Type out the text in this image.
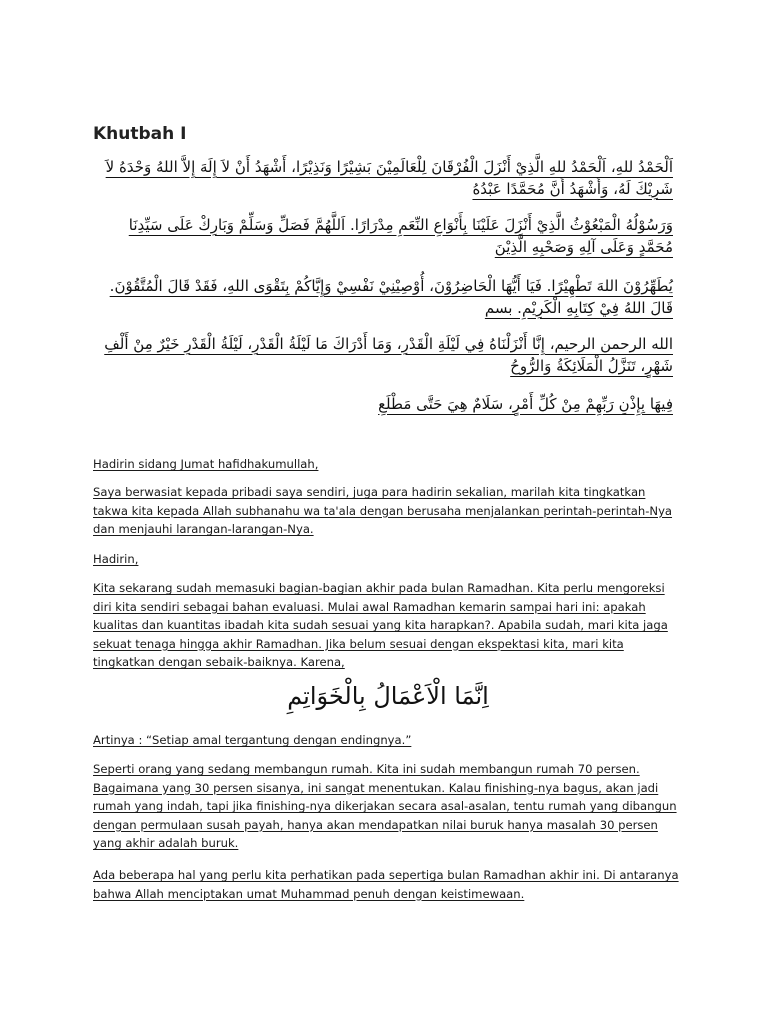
Khutbah I

اَلْحَمْدُ للهِ، اَلْحَمْدُ للهِ الَّذِيْ أَنْزَلَ الْفُرْقَانَ لِلْعَالَمِيْنَ بَشِيْرًا وَنَذِيْرًا، أَشْهَدُ أَنْ لاَ إِلَهَ إِلاَّ اللهُ وَحْدَهُ لاَ شَرِيْكَ لَهُ، وَأَشْهَدُ أَنَّ مُحَمَّدًا عَبْدُهُ

وَرَسُوْلُهُ الْمَبْعُوْثُ الَّذِيْ أَنْزَلَ عَلَيْنَا بِأَنْوَاعِ النِّعَمِ مِدْرَارًا. اَللَّهُمَّ فَصَلِّ وَسَلِّمْ وَبَارِكْ عَلَى سَيِّدِنَا مُحَمَّدٍ وَعَلَى آلِهِ وَصَحْبِهِ الَّذِيْنَ

يُطَهِّرُوْنَ اللهَ تَطْهِيْرًا. فَيَا أَيُّهَا الْحَاضِرُوْنَ، أُوْصِيْنِيْ نَفْسِيْ وَإِيَّاكُمْ بِتَقْوَى اللهِ، فَقَدْ قَالَ الْمُتَّقُوْنَ. قَالَ اللهُ فِيْ كِتَابِهِ الْكَرِيْمِ. بسم

الله الرحمن الرحيم، إِنَّا أَنْزَلْنَاهُ فِي لَيْلَةِ الْقَدْرِ، وَمَا أَدْرَاكَ مَا لَيْلَةُ الْقَدْرِ، لَيْلَةُ الْقَدْرِ خَيْرٌ مِنْ أَلْفِ شَهْرٍ، تَنَزَّلُ الْمَلَائِكَةُ وَالرُّوحُ

فِيهَا بِإِذْنِ رَبِّهِمْ مِنْ كُلِّ أَمْرٍ، سَلَامٌ هِيَ حَتَّى مَطْلَعِ

Hadirin sidang Jumat hafidhakumullah,

Saya berwasiat kepada pribadi saya sendiri, juga para hadirin sekalian, marilah kita tingkatkan takwa kita kepada Allah subhanahu wa ta'ala dengan berusaha menjalankan perintah-perintah-Nya dan menjauhi larangan-larangan-Nya.

Hadirin,

Kita sekarang sudah memasuki bagian-bagian akhir pada bulan Ramadhan. Kita perlu mengoreksi diri kita sendiri sebagai bahan evaluasi. Mulai awal Ramadhan kemarin sampai hari ini: apakah kualitas dan kuantitas ibadah kita sudah sesuai yang kita harapkan?. Apabila sudah, mari kita jaga sekuat tenaga hingga akhir Ramadhan. Jika belum sesuai dengan ekspektasi kita, mari kita tingkatkan dengan sebaik-baiknya. Karena,

اِنَّمَا الْاَعْمَالُ بِالْخَوَاتِمِ

Artinya : “Setiap amal tergantung dengan endingnya.”

Seperti orang yang sedang membangun rumah. Kita ini sudah membangun rumah 70 persen. Bagaimana yang 30 persen sisanya, ini sangat menentukan. Kalau finishing-nya bagus, akan jadi rumah yang indah, tapi jika finishing-nya dikerjakan secara asal-asalan, tentu rumah yang dibangun dengan permulaan susah payah, hanya akan mendapatkan nilai buruk hanya masalah 30 persen yang akhir adalah buruk.

Ada beberapa hal yang perlu kita perhatikan pada sepertiga bulan Ramadhan akhir ini. Di antaranya bahwa Allah menciptakan umat Muhammad penuh dengan keistimewaan.
